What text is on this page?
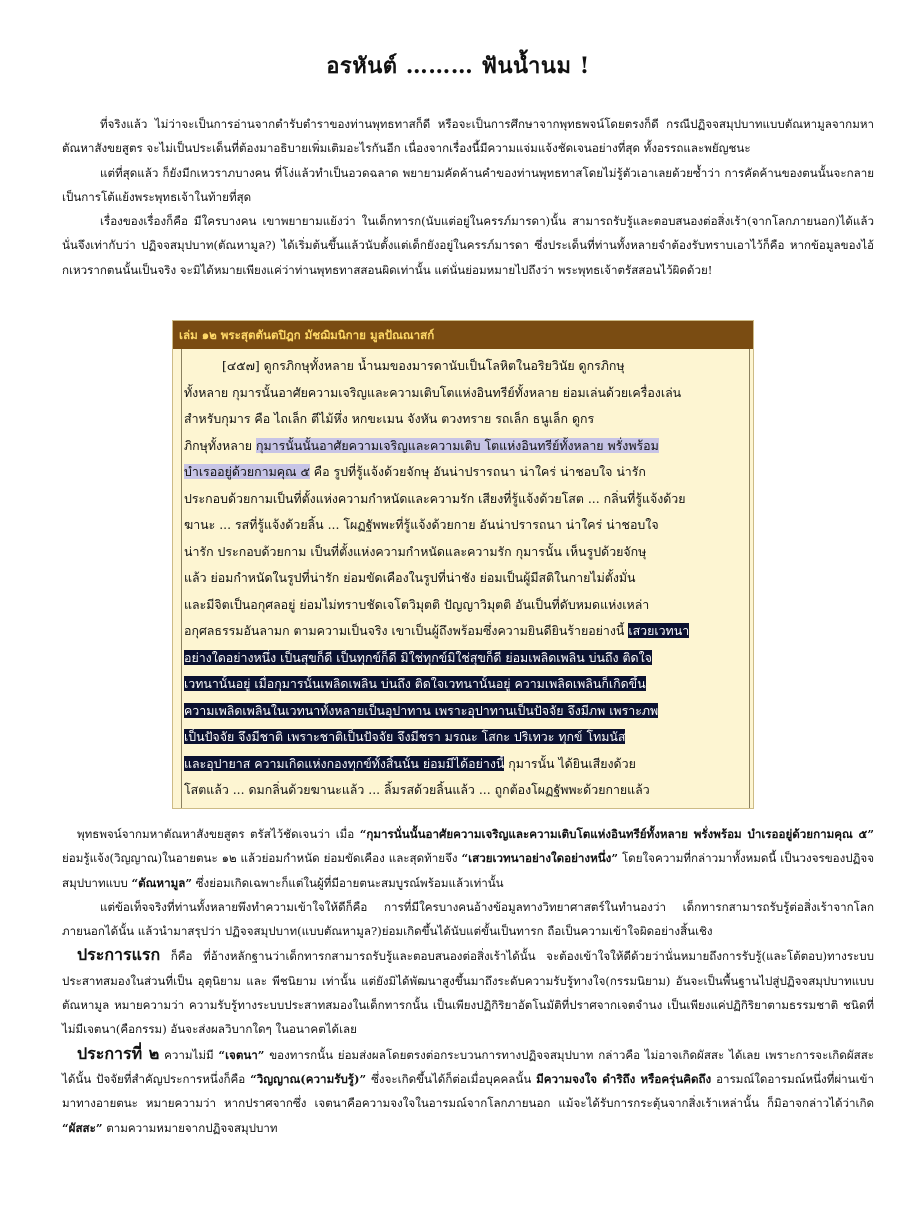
อรหันต์ ……… ฟันน้ำนม !

ที่จริงแล้ว ไม่ว่าจะเป็นการอ่านจากตำรับตำราของท่านพุทธทาสก็ดี หรือจะเป็นการศึกษาจากพุทธพจน์โดยตรงก็ดี กรณีปฏิจจสมุปบาทแบบตัณหามูลจากมหาตัณหาสังขยสูตร จะไม่เป็นประเด็นที่ต้องมาอธิบายเพิ่มเติมอะไรกันอีก เนื่องจากเรื่องนี้มีความแจ่มแจ้งชัดเจนอย่างที่สุด ทั้งอรรถและพยัญชนะ

แต่ที่สุดแล้ว ก็ยังมีกเหวราภบางคน ที่โง่แล้วทำเป็นอวดฉลาด พยายามคัดค้านคำของท่านพุทธทาสโดยไม่รู้ตัวเอาเลยด้วยซ้ำว่า การคัดค้านของตนนั้นจะกลายเป็นการโต้แย้งพระพุทธเจ้าในท้ายที่สุด

เรื่องของเรื่องก็คือ มีใครบางคน เขาพยายามแย้งว่า ในเด็กทารก(นับแต่อยู่ในครรภ์มารดา)นั้น สามารถรับรู้และตอบสนองต่อสิ่งเร้า(จากโลกภายนอก)ได้แล้ว นั่นจึงเท่ากับว่า ปฏิจจสมุปบาท(ตัณหามูล?) ได้เริ่มต้นขึ้นแล้วนับตั้งแต่เด็กยังอยู่ในครรภ์มารดา ซึ่งประเด็นที่ท่านทั้งหลายจำต้องรับทราบเอาไว้ก็คือ หากข้อมูลของไอ้กเหวรากตนนั้นเป็นจริง จะมิได้หมายเพียงแค่ว่าท่านพุทธทาสสอนผิดเท่านั้น แต่นั่นย่อมหมายไปถึงว่า พระพุทธเจ้าตรัสสอนไว้ผิดด้วย!

เล่ม ๑๒ พระสุตตันตปิฎก มัชฌิมนิกาย มูลปัณณาสก์
[๔๕๗] ดูกรภิกษุทั้งหลาย น้ำนมของมารดานับเป็นโลหิตในอริยวินัย ดูกรภิกษุ
ทั้งหลาย กุมารนั้นอาศัยความเจริญและความเติบโตแห่งอินทรีย์ทั้งหลาย ย่อมเล่นด้วยเครื่องเล่น
สำหรับกุมาร คือ ไถเล็ก ตีไม้หึ่ง หกขะเมน จังหัน ตวงทราย รถเล็ก ธนูเล็ก ดูกร
ภิกษุทั้งหลาย กุมารนั้นนั้นอาศัยความเจริญและความเติบ โตแห่งอินทรีย์ทั้งหลาย พรั่งพร้อม
บำเรออยู่ด้วยกามคุณ ๕ คือ รูปที่รู้แจ้งด้วยจักษุ อันน่าปรารถนา น่าใคร่ น่าชอบใจ น่ารัก
ประกอบด้วยกามเป็นที่ตั้งแห่งความกำหนัดและความรัก เสียงที่รู้แจ้งด้วยโสต ... กลิ่นที่รู้แจ้งด้วย
ฆานะ ... รสที่รู้แจ้งด้วยลิ้น ... โผฏฐัพพะที่รู้แจ้งด้วยกาย อันน่าปรารถนา น่าใคร่ น่าชอบใจ
น่ารัก ประกอบด้วยกาม เป็นที่ตั้งแห่งความกำหนัดและความรัก กุมารนั้น เห็นรูปด้วยจักษุ
แล้ว ย่อมกำหนัดในรูปที่น่ารัก ย่อมขัดเคืองในรูปที่น่าชัง ย่อมเป็นผู้มีสติในกายไม่ตั้งมั่น
และมีจิตเป็นอกุศลอยู่ ย่อมไม่ทราบชัดเจโตวิมุตติ ปัญญาวิมุตติ อันเป็นที่ดับหมดแห่งเหล่า
อกุศลธรรมอันลามก ตามความเป็นจริง เขาเป็นผู้ถึงพร้อมซึ่งความยินดียินร้ายอย่างนี้ เสวยเวทนา
อย่างใดอย่างหนึ่ง เป็นสุขก็ดี เป็นทุกข์ก็ดี มิใช่ทุกข์มิใช่สุขก็ดี ย่อมเพลิดเพลิน บ่นถึง ติดใจ
เวทนานั้นอยู่ เมื่อกุมารนั้นเพลิดเพลิน บ่นถึง ติดใจเวทนานั้นอยู่ ความเพลิดเพลินก็เกิดขึ้น
ความเพลิดเพลินในเวทนาทั้งหลายเป็นอุปาทาน เพราะอุปาทานเป็นปัจจัย จึงมีภพ เพราะภพ
เป็นปัจจัย จึงมีชาติ เพราะชาติเป็นปัจจัย จึงมีชรา มรณะ โสกะ ปริเทวะ ทุกข์ โทมนัส
และอุปายาส ความเกิดแห่งกองทุกข์ทั้งสิ้นนั้น ย่อมมีได้อย่างนี้ กุมารนั้น ได้ยินเสียงด้วย
โสตแล้ว ... ดมกลิ่นด้วยฆานะแล้ว ... ลิ้มรสด้วยลิ้นแล้ว ... ถูกต้องโผฏฐัพพะด้วยกายแล้ว

พุทธพจน์จากมหาตัณหาสังขยสูตร ตรัสไว้ชัดเจนว่า เมื่อ “กุมารนั่นนั้นอาศัยความเจริญและความเติบโตแห่งอินทรีย์ทั้งหลาย พรั่งพร้อม บำเรออยู่ด้วยกามคุณ ๕” ย่อมรู้แจ้ง(วิญญาณ)ในอายตนะ ๑๒ แล้วย่อมกำหนัด ย่อมขัดเคือง และสุดท้ายจึง “เสวยเวทนาอย่างใดอย่างหนึ่ง” โดยใจความที่กล่าวมาทั้งหมดนี้ เป็นวงจรของปฏิจจสมุปบาทแบบ “ตัณหามูล” ซึ่งย่อมเกิดเฉพาะก็แต่ในผู้ที่มีอายตนะสมบูรณ์พร้อมแล้วเท่านั้น

แต่ข้อเท็จจริงที่ท่านทั้งหลายพึงทำความเข้าใจให้ดีก็คือ การที่มีใครบางคนอ้างข้อมูลทางวิทยาศาสตร์ในทำนองว่า เด็กทารกสามารถรับรู้ต่อสิ่งเร้าจากโลกภายนอกได้นั้น แล้วนำมาสรุปว่า ปฏิจจสมุปบาท(แบบตัณหามูล?)ย่อมเกิดขึ้นได้นับแต่ขั้นเป็นทารก ถือเป็นความเข้าใจผิดอย่างสิ้นเชิง

ประการแรก ก็คือ ที่อ้างหลักฐานว่าเด็กทารกสามารถรับรู้และตอบสนองต่อสิ่งเร้าได้นั้น จะต้องเข้าใจให้ดีด้วยว่านั่นหมายถึงการรับรู้(และโต้ตอบ)ทางระบบประสาทสมองในส่วนที่เป็น อุตุนิยาม และ พีชนิยาม เท่านั้น แต่ยังมิได้พัฒนาสูงขึ้นมาถึงระดับความรับรู้ทางใจ(กรรมนิยาม) อันจะเป็นพื้นฐานไปสู่ปฏิจจสมุปบาทแบบตัณหามูล หมายความว่า ความรับรู้ทางระบบประสาทสมองในเด็กทารกนั้น เป็นเพียงปฏิกิริยาอัตโนมัติที่ปราศจากเจตจำนง เป็นเพียงแค่ปฏิกิริยาตามธรรมชาติ ชนิดที่ไม่มีเจตนา(คือกรรม) อันจะส่งผลวิบากใดๆ ในอนาคตได้เลย

ประการที่ ๒ ความไม่มี “เจตนา” ของทารกนั้น ย่อมส่งผลโดยตรงต่อกระบวนการทางปฏิจจสมุปบาท กล่าวคือ ไม่อาจเกิดผัสสะ ได้เลย เพราะการจะเกิดผัสสะได้นั้น ปัจจัยที่สำคัญประการหนึ่งก็คือ “วิญญาณ(ความรับรู้)” ซึ่งจะเกิดขึ้นได้ก็ต่อเมื่อบุคคลนั้น มีความจงใจ ดำริถึง หรือครุ่นคิดถึง อารมณ์ใดอารมณ์หนึ่งที่ผ่านเข้ามาทางอายตนะ หมายความว่า หากปราศจากซึ่ง เจตนาคือความจงใจในอารมณ์จากโลกภายนอก แม้จะได้รับการกระตุ้นจากสิ่งเร้าเหล่านั้น ก็มิอาจกล่าวได้ว่าเกิด “ผัสสะ” ตามความหมายจากปฏิจจสมุปบาท
